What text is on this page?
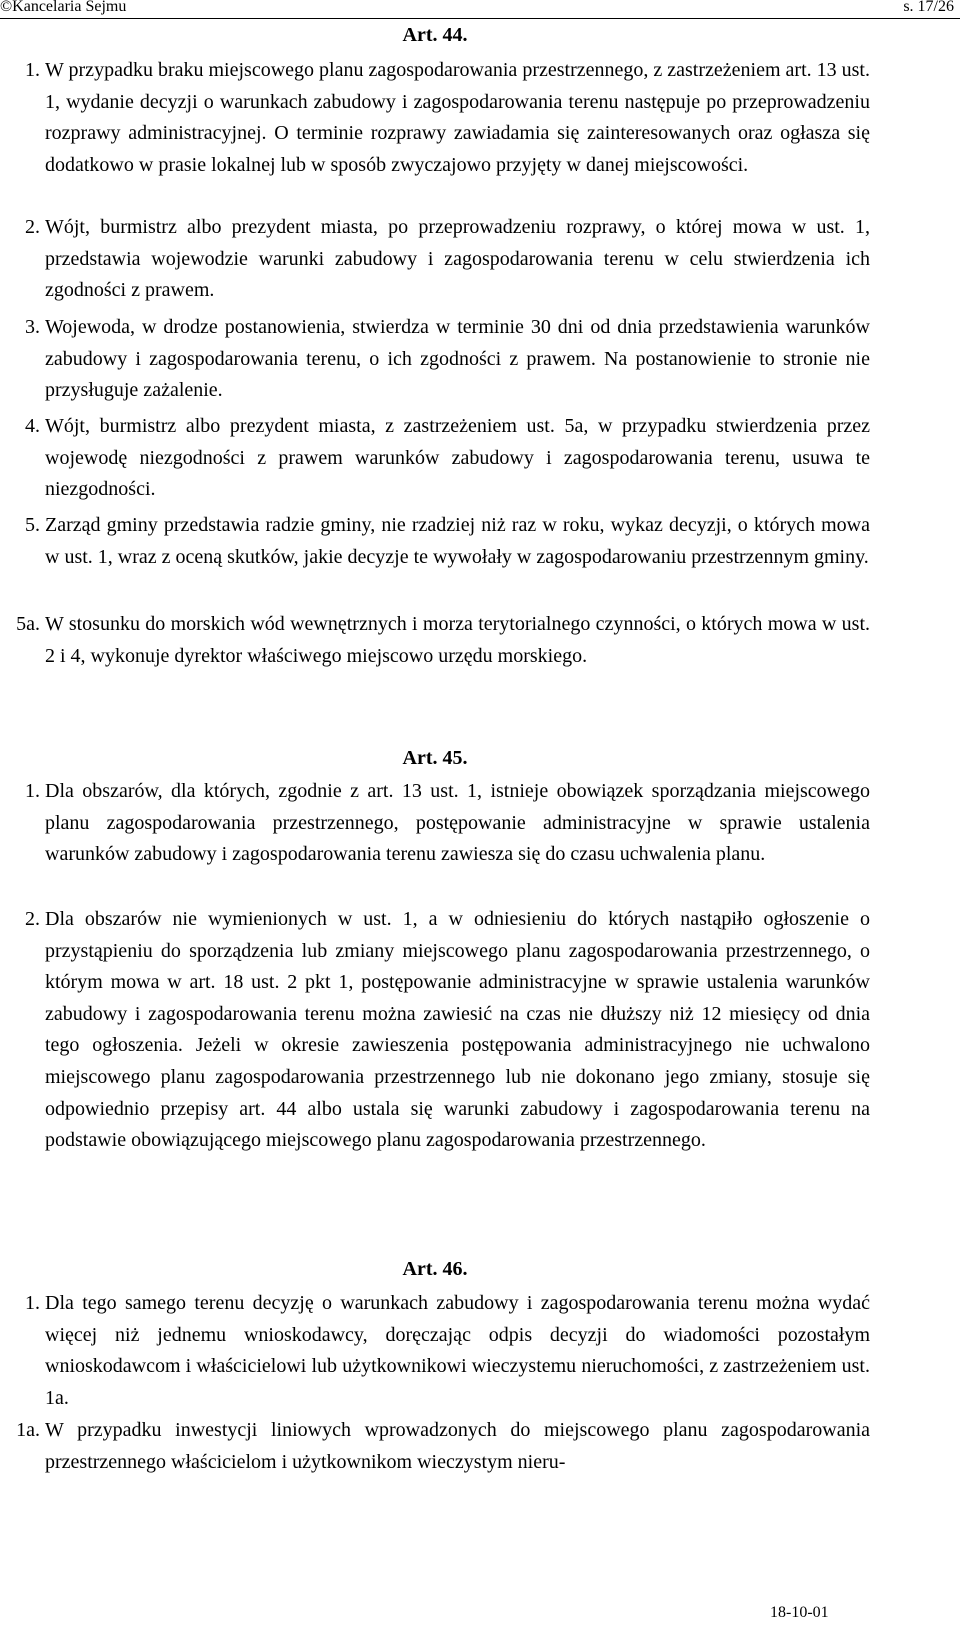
©Kancelaria Sejmu	s. 17/26
Art. 44.
1. W przypadku braku miejscowego planu zagospodarowania przestrzennego, z zastrzeżeniem art. 13 ust. 1, wydanie decyzji o warunkach zabudowy i zagospodarowania terenu następuje po przeprowadzeniu rozprawy administracyjnej. O terminie rozprawy zawiadamia się zainteresowanych oraz ogłasza się dodatkowo w prasie lokalnej lub w sposób zwyczajowo przyjęty w danej miejscowości.
2. Wójt, burmistrz albo prezydent miasta, po przeprowadzeniu rozprawy, o której mowa w ust. 1, przedstawia wojewodzie warunki zabudowy i zagospodarowania terenu w celu stwierdzenia ich zgodności z prawem.
3. Wojewoda, w drodze postanowienia, stwierdza w terminie 30 dni od dnia przedstawienia warunków zabudowy i zagospodarowania terenu, o ich zgodności z prawem. Na postanowienie to stronie nie przysługuje zażalenie.
4. Wójt, burmistrz albo prezydent miasta, z zastrzeżeniem ust. 5a, w przypadku stwierdzenia przez wojewodę niezgodności z prawem warunków zabudowy i zagospodarowania terenu, usuwa te niezgodności.
5. Zarząd gminy przedstawia radzie gminy, nie rzadziej niż raz w roku, wykaz decyzji, o których mowa w ust. 1, wraz z oceną skutków, jakie decyzje te wywołały w zagospodarowaniu przestrzennym gminy.
5a. W stosunku do morskich wód wewnętrznych i morza terytorialnego czynności, o których mowa w ust. 2 i 4, wykonuje dyrektor właściwego miejscowo urzędu morskiego.
Art. 45.
1. Dla obszarów, dla których, zgodnie z art. 13 ust. 1, istnieje obowiązek sporządzania miejscowego planu zagospodarowania przestrzennego, postępowanie administracyjne w sprawie ustalenia warunków zabudowy i zagospodarowania terenu zawiesza się do czasu uchwalenia planu.
2. Dla obszarów nie wymienionych w ust. 1, a w odniesieniu do których nastąpiło ogłoszenie o przystąpieniu do sporządzenia lub zmiany miejscowego planu zagospodarowania przestrzennego, o którym mowa w art. 18 ust. 2 pkt 1, postępowanie administracyjne w sprawie ustalenia warunków zabudowy i zagospodarowania terenu można zawiesić na czas nie dłuższy niż 12 miesięcy od dnia tego ogłoszenia. Jeżeli w okresie zawieszenia postępowania administracyjnego nie uchwalono miejscowego planu zagospodarowania przestrzennego lub nie dokonano jego zmiany, stosuje się odpowiednio przepisy art. 44 albo ustala się warunki zabudowy i zagospodarowania terenu na podstawie obowiązującego miejscowego planu zagospodarowania przestrzennego.
Art. 46.
1. Dla tego samego terenu decyzję o warunkach zabudowy i zagospodarowania terenu można wydać więcej niż jednemu wnioskodawcy, doręczając odpis decyzji do wiadomości pozostałym wnioskodawcom i właścicielowi lub użytkownikowi wieczystemu nieruchomości, z zastrzeżeniem ust. 1a.
1a. W przypadku inwestycji liniowych wprowadzonych do miejscowego planu zagospodarowania przestrzennego właścicielom i użytkownikom wieczystym nieru-
18-10-01
